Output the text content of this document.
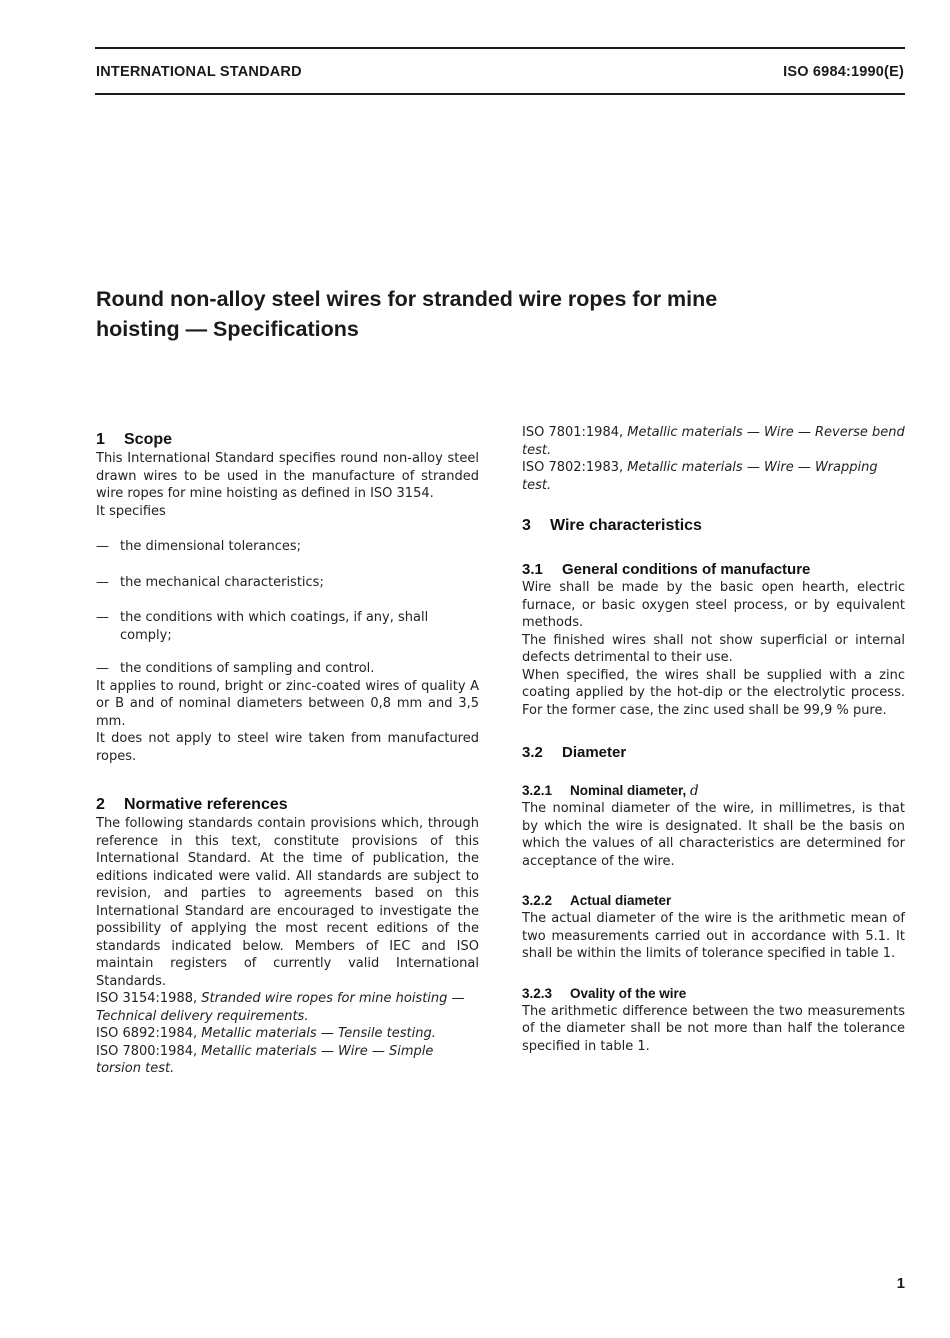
INTERNATIONAL STANDARD	ISO 6984:1990(E)
Round non-alloy steel wires for stranded wire ropes for mine
hoisting — Specifications
1 Scope

This International Standard specifies round non-alloy steel drawn wires to be used in the manufacture of stranded wire ropes for mine hoisting as defined in ISO 3154.

It specifies

— the dimensional tolerances;
— the mechanical characteristics;
— the conditions with which coatings, if any, shall comply;
— the conditions of sampling and control.

It applies to round, bright or zinc-coated wires of quality A or B and of nominal diameters between 0,8 mm and 3,5 mm.

It does not apply to steel wire taken from manufactured ropes.

2 Normative references

The following standards contain provisions which, through reference in this text, constitute provisions of this International Standard. At the time of publication, the editions indicated were valid. All standards are subject to revision, and parties to agreements based on this International Standard are encouraged to investigate the possibility of applying the most recent editions of the standards indicated below. Members of IEC and ISO maintain registers of currently valid International Standards.

ISO 3154:1988, Stranded wire ropes for mine hoisting — Technical delivery requirements.

ISO 6892:1984, Metallic materials — Tensile testing.

ISO 7800:1984, Metallic materials — Wire — Simple torsion test.

ISO 7801:1984, Metallic materials — Wire — Reverse bend test.

ISO 7802:1983, Metallic materials — Wire — Wrapping test.

3 Wire characteristics
3.1 General conditions of manufacture

Wire shall be made by the basic open hearth, electric furnace, or basic oxygen steel process, or by equivalent methods.

The finished wires shall not show superficial or internal defects detrimental to their use.

When specified, the wires shall be supplied with a zinc coating applied by the hot-dip or the electrolytic process. For the former case, the zinc used shall be 99,9 % pure.

3.2 Diameter
3.2.1 Nominal diameter, d

The nominal diameter of the wire, in millimetres, is that by which the wire is designated. It shall be the basis on which the values of all characteristics are determined for acceptance of the wire.

3.2.2 Actual diameter

The actual diameter of the wire is the arithmetic mean of two measurements carried out in accordance with 5.1. It shall be within the limits of tolerance specified in table 1.

3.2.3 Ovality of the wire

The arithmetic difference between the two measurements of the diameter shall be not more than half the tolerance specified in table 1.

1
